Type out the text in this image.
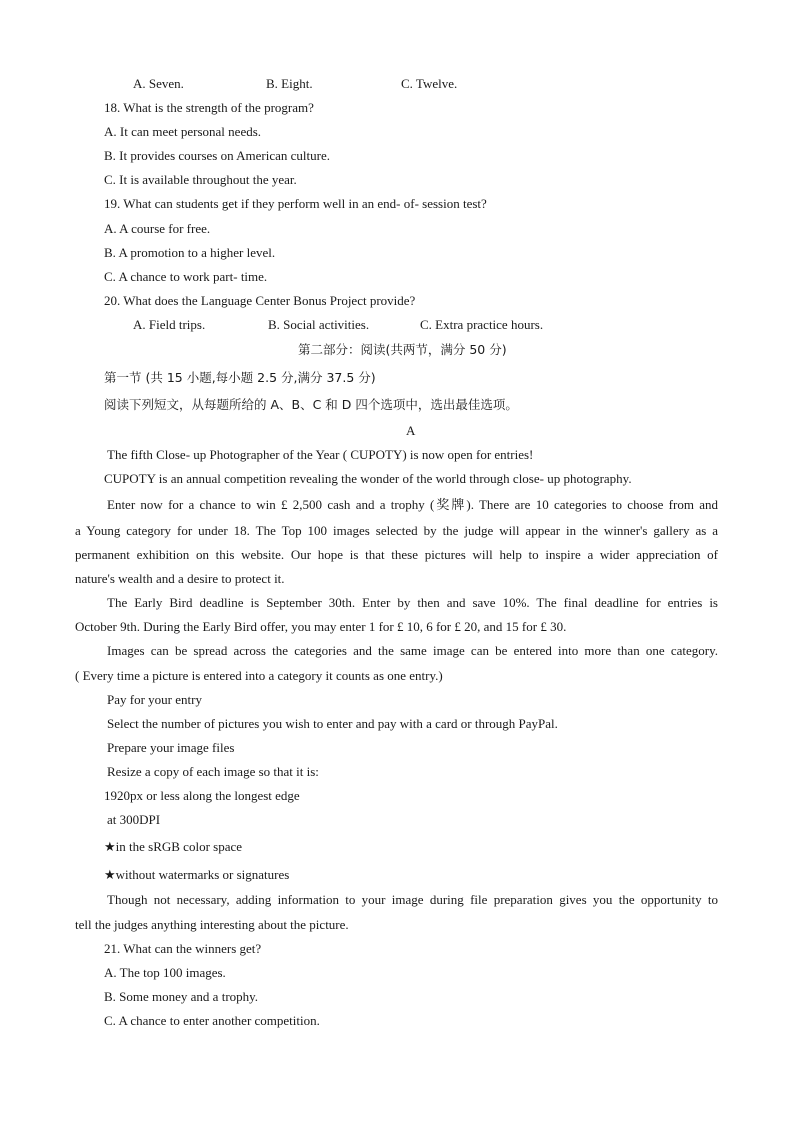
A. Seven.	B. Eight.	C. Twelve.
18. What is the strength of the program?
A. It can meet personal needs.
B. It provides courses on American culture.
C. It is available throughout the year.
19. What can students get if they perform well in an end- of- session test?
A. A course for free.
B. A promotion to a higher level.
C. A chance to work part- time.
20. What does the Language Center Bonus Project provide?
A. Field trips.	B. Social activities.	C. Extra practice hours.
第二部分：阅读(共两节，满分 50 分)
第一节 (共 15 小题,每小题 2.5 分,满分 37.5 分)
阅读下列短文，从每题所给的 A、B、C 和 D 四个选项中，选出最佳选项。
A
The fifth Close- up Photographer of the Year ( CUPOTY) is now open for entries!
CUPOTY is an annual competition revealing the wonder of the world through close- up photography.
Enter now for a chance to win £ 2,500 cash and a trophy (奖牌). There are 10 categories to choose from and
a Young category for under 18. The Top 100 images selected by the judge will appear in the winner's gallery as a
permanent exhibition on this website. Our hope is that these pictures will help to inspire a wider appreciation of
nature's wealth and a desire to protect it.
The Early Bird deadline is September 30th. Enter by then and save 10%. The final deadline for entries is
October 9th. During the Early Bird offer, you may enter 1 for £ 10, 6 for £ 20, and 15 for £ 30.
Images can be spread across the categories and the same image can be entered into more than one category.
( Every time a picture is entered into a category it counts as one entry.)
Pay for your entry
Select the number of pictures you wish to enter and pay with a card or through PayPal.
Prepare your image files
Resize a copy of each image so that it is:
1920px or less along the longest edge
at 300DPI
★in the sRGB color space
★without watermarks or signatures
Though not necessary, adding information to your image during file preparation gives you the opportunity to
tell the judges anything interesting about the picture.
21. What can the winners get?
A. The top 100 images.
B. Some money and a trophy.
C. A chance to enter another competition.
